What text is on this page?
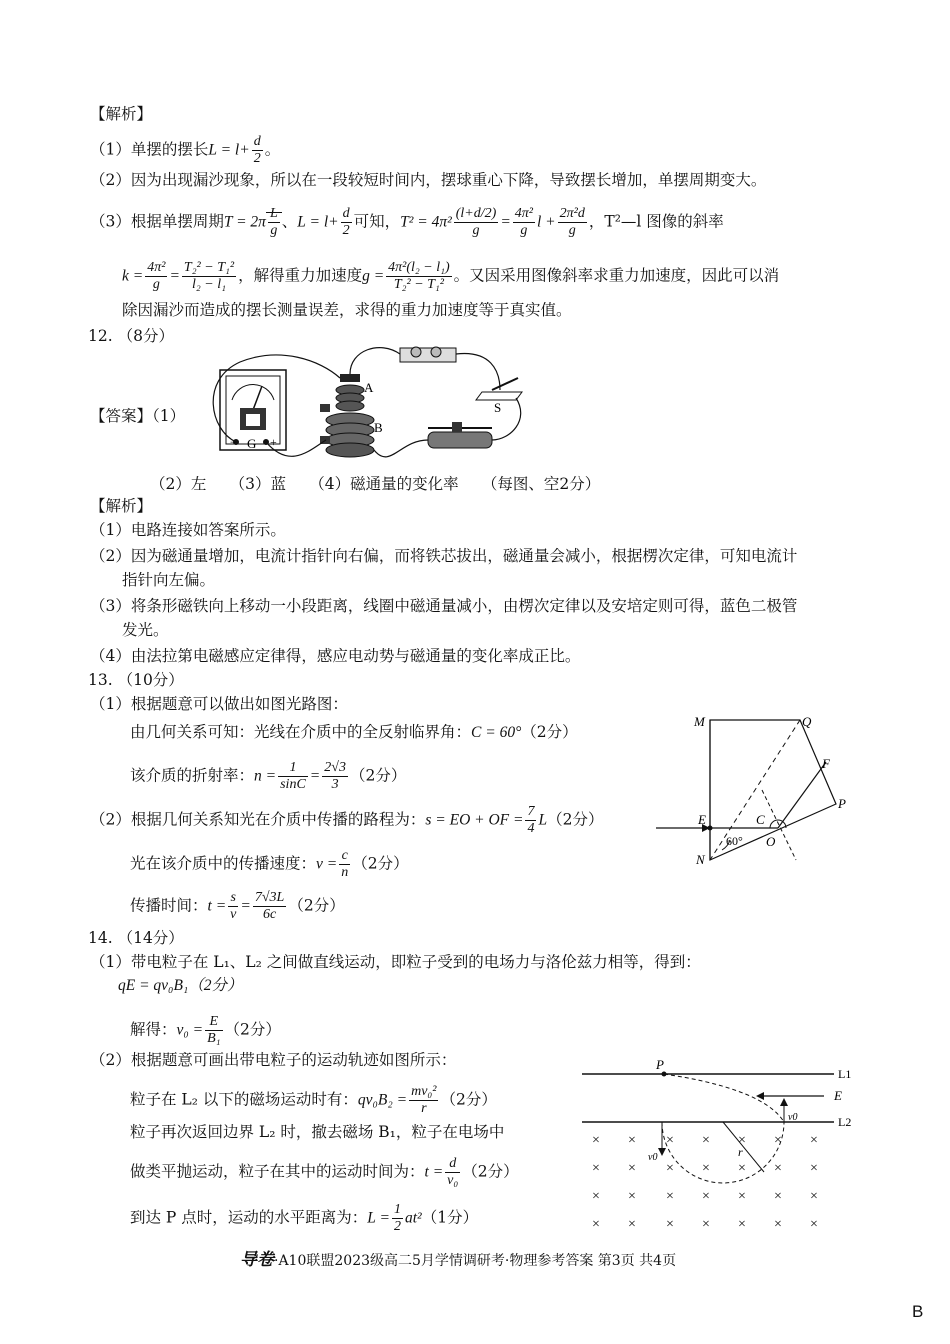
【解析】
（1）单摆的摆长$L = l+ \frac{d}{2}$ 。
（2）因为出现漏沙现象，所以在一段较短时间内，摆球重心下降，导致摆长增加，单摆周期变大。
（3）根据单摆周期$T = 2\pi \frac{L}{g}$ 、$L = l+ \frac{d}{2}$ 可知，$T^2 = 4\pi^2 \frac{(l+d/2)}{g} = \frac{\text{4π²}}{g}$ $l + \frac{\text{2π²d}}{g}$ ，T²—l 图像的斜率
$k = \frac{\text{4π²}}{g} = \frac{\text{T₂² − T₁²}}{\text{l₂ − l₁}}$ ，解得重力加速度$g = \frac{\text{4π²(l₂ − l₁)}}{\text{T₂² − T₁²}}$ 。又因采用图像斜率求重力加速度，因此可以消
除因漏沙而造成的摆长测量误差，求得的重力加速度等于真实值。
12. （8分）
【答案】（1）
− G +
A
B
S
（2）左　　（3）蓝　　（4）磁通量的变化率　　（每图、空2分）
【解析】
（1）电路连接如答案所示。
（2）因为磁通量增加，电流计指针向右偏，而将铁芯拔出，磁通量会减小，根据楞次定律，可知电流计
指针向左偏。
（3）将条形磁铁向上移动一小段距离，线圈中磁通量减小，由楞次定律以及安培定则可得，蓝色二极管
发光。
（4）由法拉第电磁感应定律得，感应电动势与磁通量的变化率成正比。
13. （10分）
（1）根据题意可以做出如图光路图：
由几何关系可知：光线在介质中的全反射临界角：C = 60°（2分）
该介质的折射率：$n = \frac{1}{\sin C} = \frac{2√3}{3} (2$分）
（2）根据几何关系知光在介质中传播的路程为：s = EO + OF = $\frac{7}{4} L(2$分）
光在该介质中的传播速度：$v = \frac{c}{n} (2$分）
传播时间：$t = \frac{s}{v} = \frac{7√3L}{6c} (2$分）
M	Q
F
P
E	C
O
N
60°
14. （14分）
（1）带电粒子在 L₁、L₂ 之间做直线运动，即粒子受到的电场力与洛伦兹力相等，得到：
qE = qv₀B₁（2分）
解得：$v_0 = \frac{E}{\text{B₁}} (2$分）
（2）根据题意可画出带电粒子的运动轨迹如图所示：
粒子在 L₂ 以下的磁场运动时有：$qv_0B_2 = \frac{\text{mv₀²}}{r} (2$分）
粒子再次返回边界 L₂ 时，撤去磁场 B₁，粒子在电场中
做类平抛运动，粒子在其中的运动时间为：$t = \frac{d}{\text{v₀}} (2$分）
到达 P 点时，运动的水平距离为：$L = \frac{1}{2} at^2(1$分）
L1
L2
P
E
v0
v0	r
× × × × × × ×
× × × × × × ×
× × × × × × ×
× × × × × × ×
导卷·A10联盟2023级高二5月学情调研考·物理参考答案 第3页 共4页
B
